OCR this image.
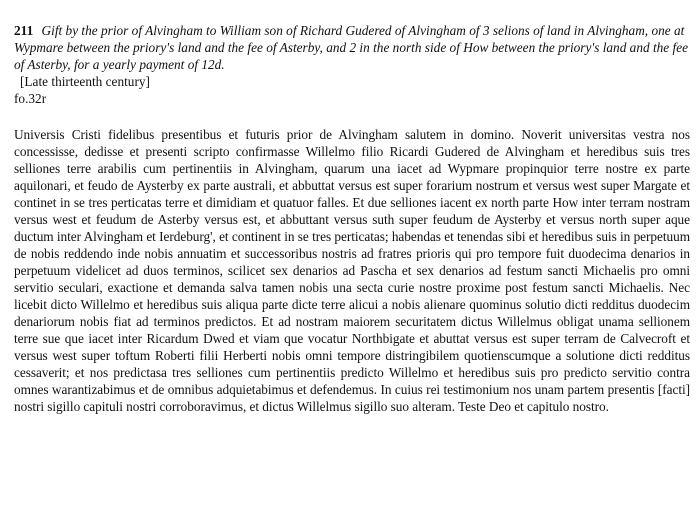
211 Gift by the prior of Alvingham to William son of Richard Gudered of Alvingham of 3 selions of land in Alvingham, one at Wypmare between the priory's land and the fee of Asterby, and 2 in the north side of How between the priory's land and the fee of Asterby, for a yearly payment of 12d.

[Late thirteenth century]

fo.32r

Universis Cristi fidelibus presentibus et futuris prior de Alvingham salutem in domino. Noverit universitas vestra nos concessisse, dedisse et presenti scripto confirmasse Willelmo filio Ricardi Gudered de Alvingham et heredibus suis tres selliones terre arabilis cum pertinentiis in Alvingham, quarum una iacet ad Wypmare propinquior terre nostre ex parte aquilonari, et feudo de Aysterby ex parte australi, et abbuttat versus est super forarium nostrum et versus west super Margate et continet in se tres perticatas terre et dimidiam et quatuor falles. Et due selliones iacent ex north parte How inter terram nostram versus west et feudum de Asterby versus est, et abbuttant versus suth super feudum de Aysterby et versus north super aque ductum inter Alvingham et Ierdeburg', et continent in se tres perticatas; habendas et tenendas sibi et heredibus suis in perpetuum de nobis reddendo inde nobis annuatim et successoribus nostris ad fratres prioris qui pro tempore fuit duodecima denarios in perpetuum videlicet ad duos terminos, scilicet sex denarios ad Pascha et sex denarios ad festum sancti Michaelis pro omni servitio seculari, exactione et demanda salva tamen nobis una secta curie nostre proxime post festum sancti Michaelis. Nec licebit dicto Willelmo et heredibus suis aliqua parte dicte terre alicui a nobis alienare quominus solutio dicti redditus duodecim denariorum nobis fiat ad terminos predictos. Et ad nostram maiorem securitatem dictus Willelmus obligat unama sellionem terre sue que iacet inter Ricardum Dwed et viam que vocatur Northbigate et abuttat versus est super terram de Calvecroft et versus west super toftum Roberti filii Herberti nobis omni tempore distringibilem quotienscumque a solutione dicti redditus cessaverit; et nos predictasa tres selliones cum pertinentiis predicto Willelmo et heredibus suis pro predicto servitio contra omnes warantizabimus et de omnibus adquietabimus et defendemus. In cuius rei testimonium nos unam partem presentis [facti] nostri sigillo capituli nostri corroboravimus, et dictus Willelmus sigillo suo alteram. Teste Deo et capitulo nostro.
